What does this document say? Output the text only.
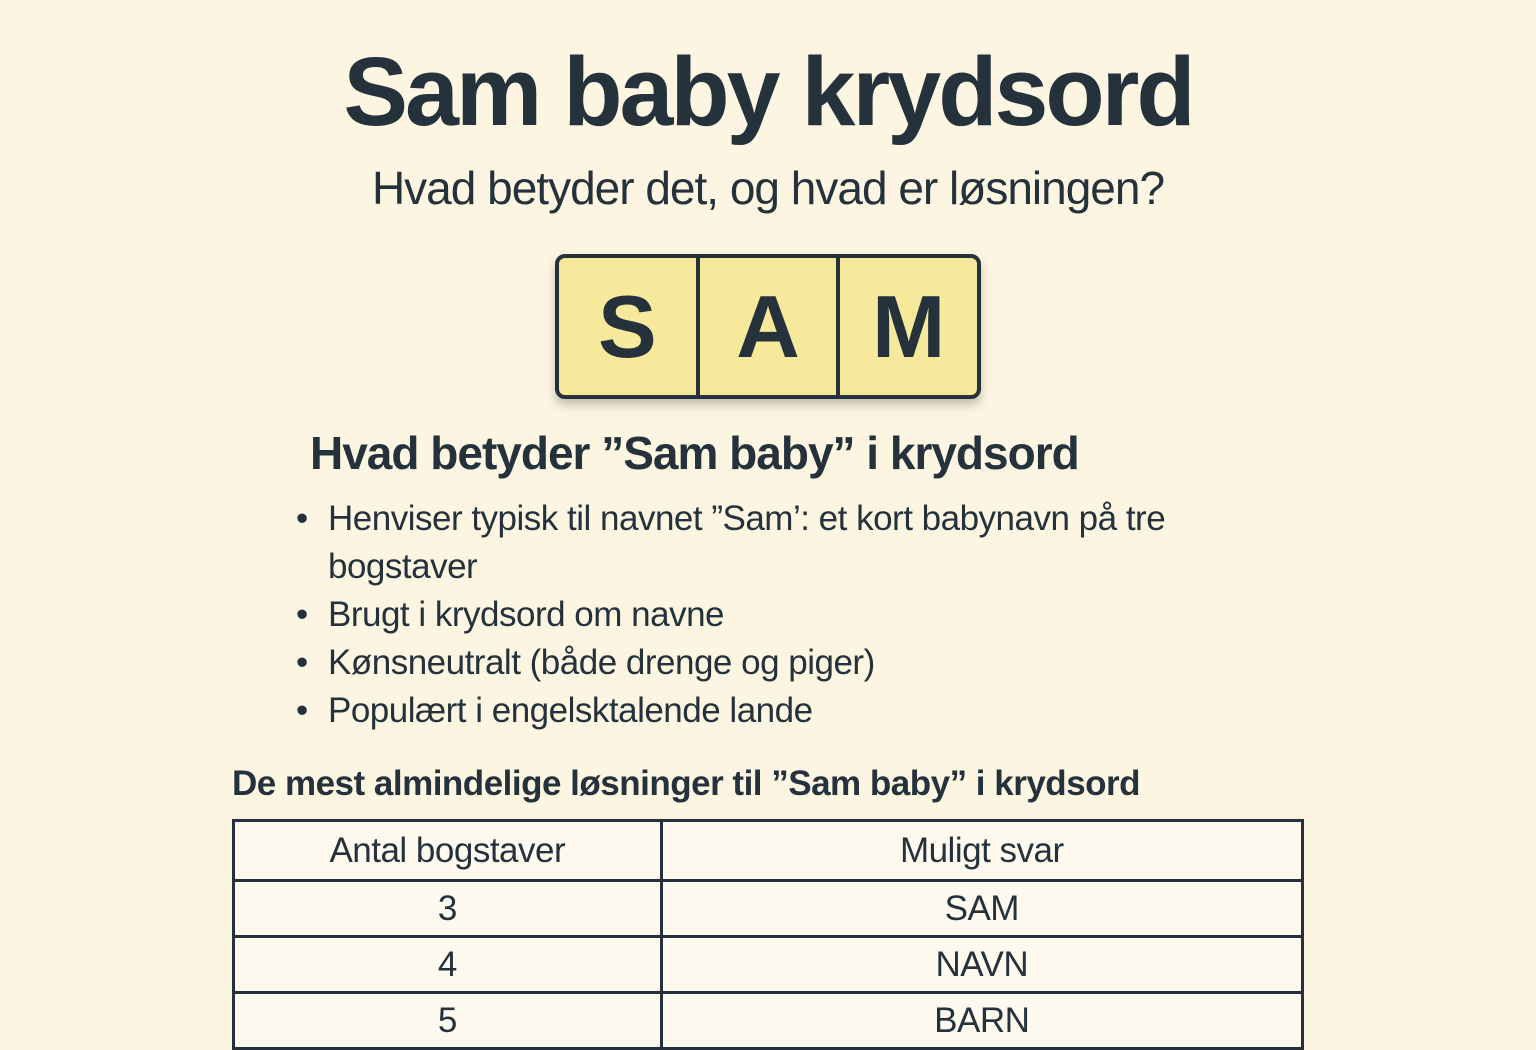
Sam baby krydsord

Hvad betyder det, og hvad er løsningen?

S A M
Hvad betyder ”Sam baby” i krydsord
• Henviser typisk til navnet ”Sam’: et kort babynavn på tre bogstaver
• Brugt i krydsord om navne
• Kønsneutralt (både drenge og piger)
• Populært i engelsktalende lande
De mest almindelige løsninger til ”Sam baby” i krydsord
Antal bogstaver	Muligt svar
3	SAM
4	NAVN
5	BARN
